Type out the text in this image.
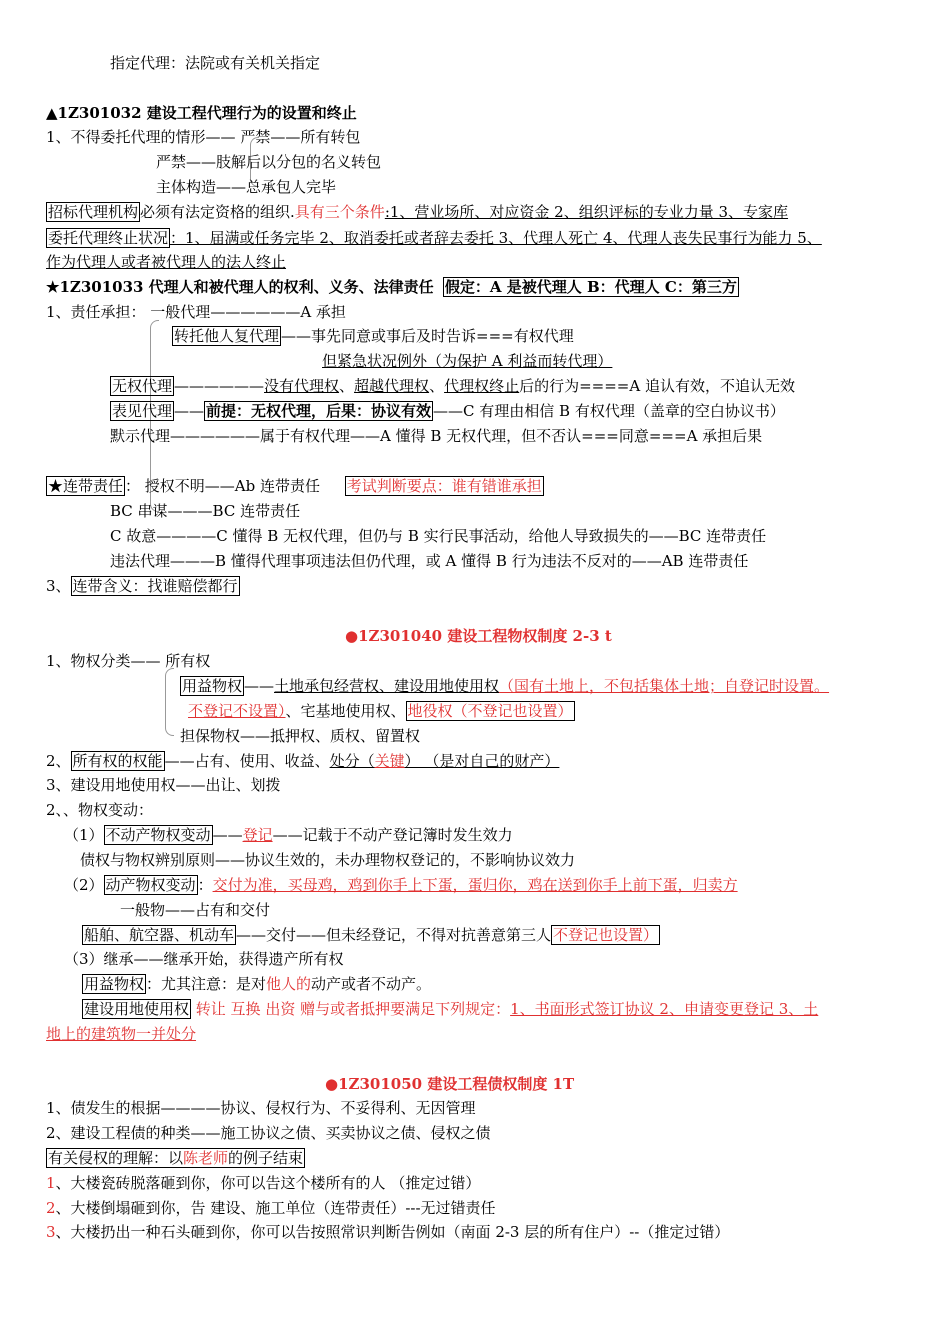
指定代理：法院或有关机关指定
▲1Z301032 建设工程代理行为的设置和终止
1、不得委托代理的情形—— 严禁——所有转包
严禁——肢解后以分包的名义转包
主体构造——总承包人完毕
招标代理机构 必须有法定资格的组织.具有三个条件:1、营业场所、对应资金 2、组织评标的专业力量 3、专家库
委托代理终止状况 ：1、届满或任务完毕 2、取消委托或者辞去委托 3、代理人死亡 4、代理人丧失民事行为能力 5、
作为代理人或者被代理人的法人终止
★1Z301033 代理人和被代理人的权利、义务、法律责任 假定：A 是被代理人 B：代理人 C：第三方
1、责任承担： 一般代理——————A 承担
转托他人复代理 ——事先同意或事后及时告诉===有权代理
但紧急状况例外（为保护 A 利益而转代理）
无权代理 ——————没有代理权、超越代理权、代理权终止后的行为====A 追认有效，不追认无效
表见代理 —— 前提：无权代理，后果：协议有效 ——C 有理由相信 B 有权代理（盖章的空白协议书）
默示代理——————属于有权代理——A 懂得 B 无权代理，但不否认===同意===A 承担后果
★连带责任 ： 授权不明——Ab 连带责任 考试判断要点：谁有错谁承担
BC 串谋———BC 连带责任
C 故意————C 懂得 B 无权代理，但仍与 B 实行民事活动，给他人导致损失的——BC 连带责任
违法代理———B 懂得代理事项违法但仍代理，或 A 懂得 B 行为违法不反对的——AB 连带责任
3、 连带含义：找谁赔偿都行
●1Z301040 建设工程物权制度 2-3 t
1、物权分类—— 所有权
用益物权 ——土地承包经营权、建设用地使用权（国有土地上，不包括集体土地；自登记时设置。
不登记不设置）、宅基地使用权、 地役权（不登记也设置）
担保物权——抵押权、质权、留置权
2、 所有权的权能 ——占有、使用、收益、处分（关键） （是对自己的财产）
3、建设用地使用权——出让、划拨
2、、物权变动：
（1） 不动产物权变动 ——登记——记载于不动产登记簿时发生效力
债权与物权辨别原则——协议生效的，未办理物权登记的，不影响协议效力
（2） 动产物权变动 ：交付为准，买母鸡，鸡到你手上下蛋，蛋归你，鸡在送到你手上前下蛋，归卖方
一般物——占有和交付
船舶、航空器、机动车 ——交付——但未经登记，不得对抗善意第三人 不登记也设置）
（3）继承——继承开始，获得遗产所有权
用益物权 ：尤其注意：是对他人的动产或者不动产。
建设用地使用权 转让 互换 出资 赠与或者抵押要满足下列规定：1、书面形式签订协议 2、申请变更登记 3、土
地上的建筑物一并处分
●1Z301050 建设工程债权制度 1T
1、债发生的根据————协议、侵权行为、不妥得利、无因管理
2、建设工程债的种类——施工协议之债、买卖协议之债、侵权之债
有关侵权的理解：以陈老师的例子结束
1、大楼瓷砖脱落砸到你，你可以告这个楼所有的人 （推定过错）
2、大楼倒塌砸到你，告 建设、施工单位（连带责任）---无过错责任
3、大楼扔出一种石头砸到你，你可以告按照常识判断告例如（南面 2-3 层的所有住户）--（推定过错）
